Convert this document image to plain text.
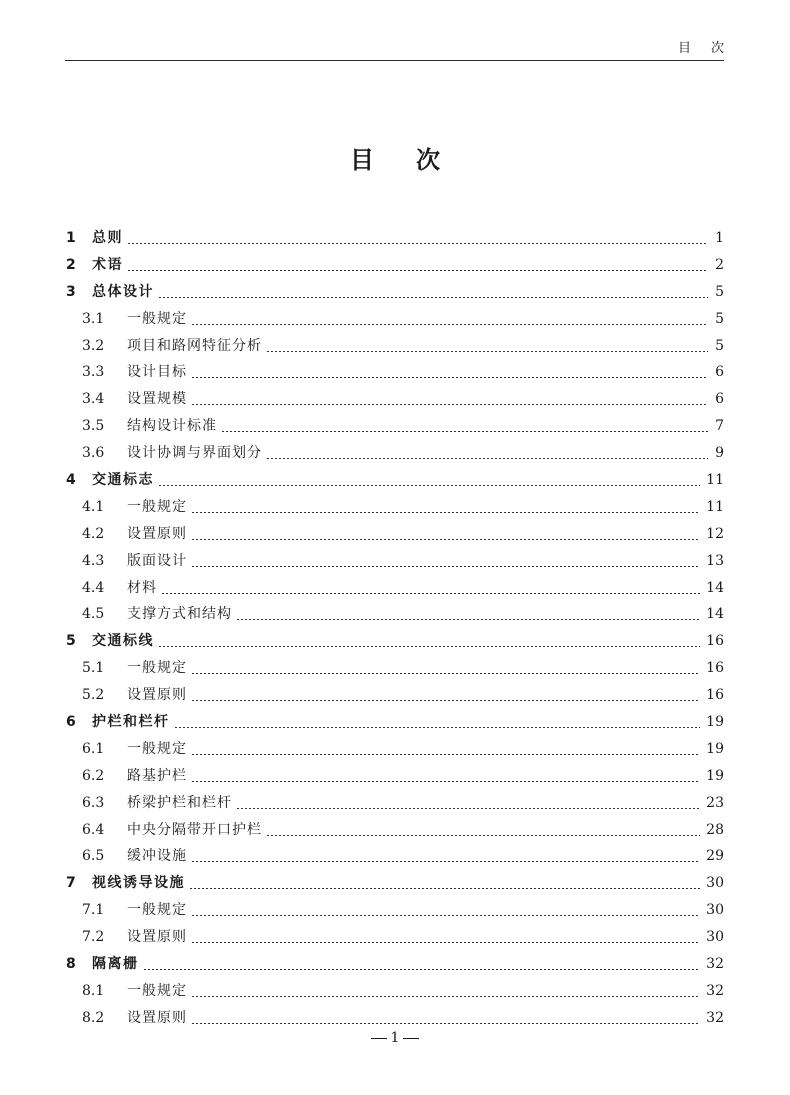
目次
目次
1	总则	1
2	术语	2
3	总体设计	5
3.1	一般规定	5
3.2	项目和路网特征分析	5
3.3	设计目标	6
3.4	设置规模	6
3.5	结构设计标准	7
3.6	设计协调与界面划分	9
4	交通标志	11
4.1	一般规定	11
4.2	设置原则	12
4.3	版面设计	13
4.4	材料	14
4.5	支撑方式和结构	14
5	交通标线	16
5.1	一般规定	16
5.2	设置原则	16
6	护栏和栏杆	19
6.1	一般规定	19
6.2	路基护栏	19
6.3	桥梁护栏和栏杆	23
6.4	中央分隔带开口护栏	28
6.5	缓冲设施	29
7	视线诱导设施	30
7.1	一般规定	30
7.2	设置原则	30
8	隔离栅	32
8.1	一般规定	32
8.2	设置原则	32
1
